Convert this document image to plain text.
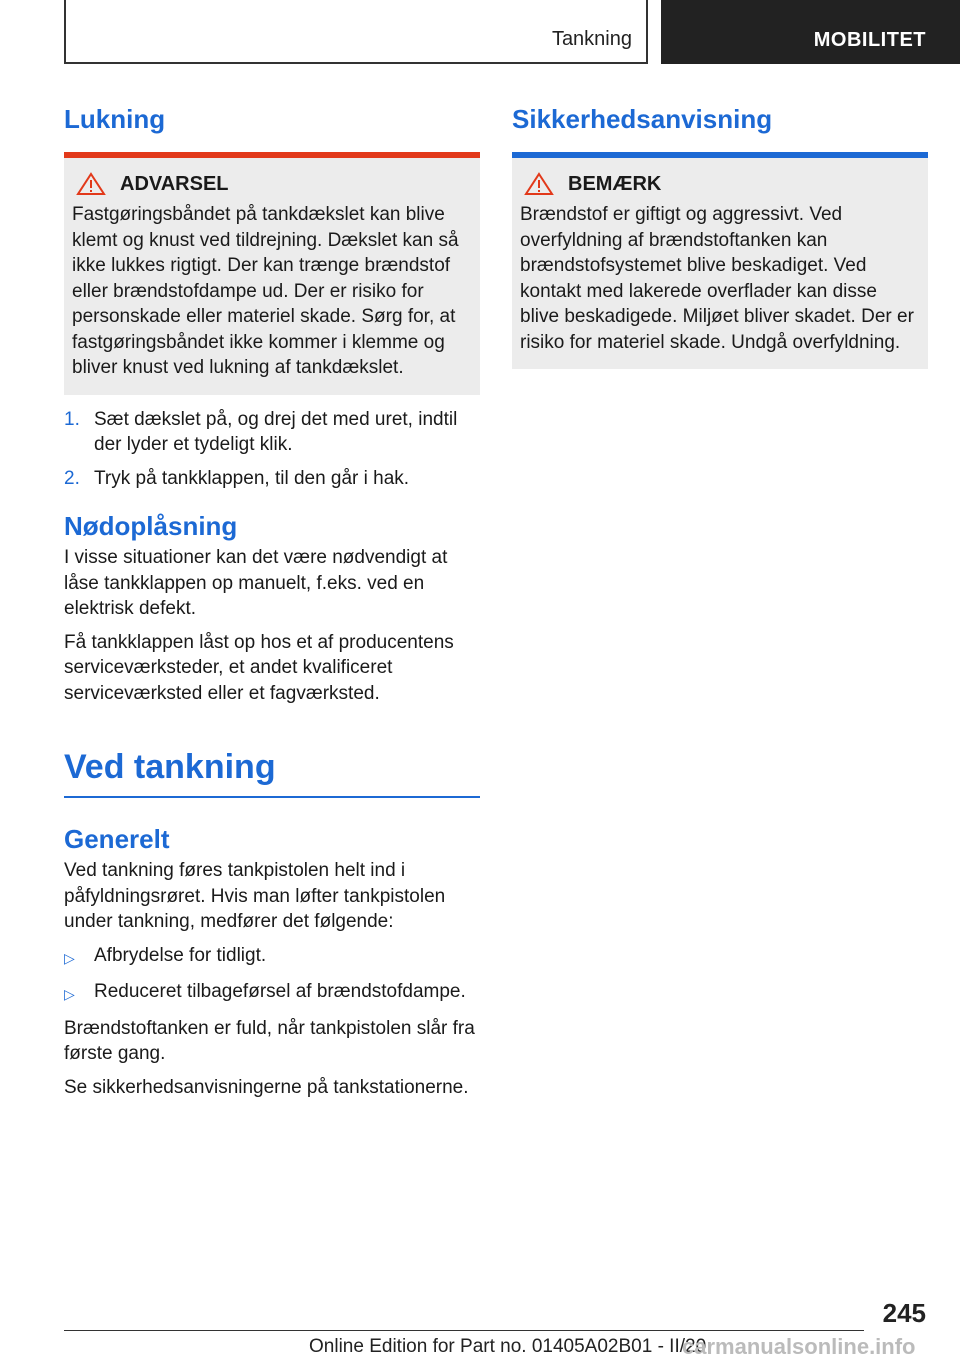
Tankning	MOBILITET
Lukning
ADVARSEL

Fastgøringsbåndet på tankdækslet kan blive klemt og knust ved tildrejning. Dækslet kan så ikke lukkes rigtigt. Der kan trænge brændstof eller brændstofdampe ud. Der er risiko for personskade eller materiel skade. Sørg for, at fastgøringsbåndet ikke kommer i klemme og bliver knust ved lukning af tankdækslet.

1. Sæt dækslet på, og drej det med uret, indtil der lyder et tydeligt klik.
2. Tryk på tankklappen, til den går i hak.
Nødoplåsning

I visse situationer kan det være nødvendigt at låse tankklappen op manuelt, f.eks. ved en elektrisk defekt.

Få tankklappen låst op hos et af producentens serviceværksteder, et andet kvalificeret serviceværksted eller et fagværksted.

Ved tankning
Generelt

Ved tankning føres tankpistolen helt ind i påfyldningsrøret. Hvis man løfter tankpistolen under tankning, medfører det følgende:

▷	Afbrydelse for tidligt.
▷	Reduceret tilbageførsel af brændstofdampe.

Brændstoftanken er fuld, når tankpistolen slår fra første gang.

Se sikkerhedsanvisningerne på tankstationerne.

Sikkerhedsanvisning
BEMÆRK

Brændstof er giftigt og aggressivt. Ved overfyldning af brændstoftanken kan brændstofsystemet blive beskadiget. Ved kontakt med lakerede overflader kan disse blive beskadigede. Miljøet bliver skadet. Der er risiko for materiel skade. Undgå overfyldning.

245
Online Edition for Part no. 01405A02B01 - II/20
carmanualsonline.info
